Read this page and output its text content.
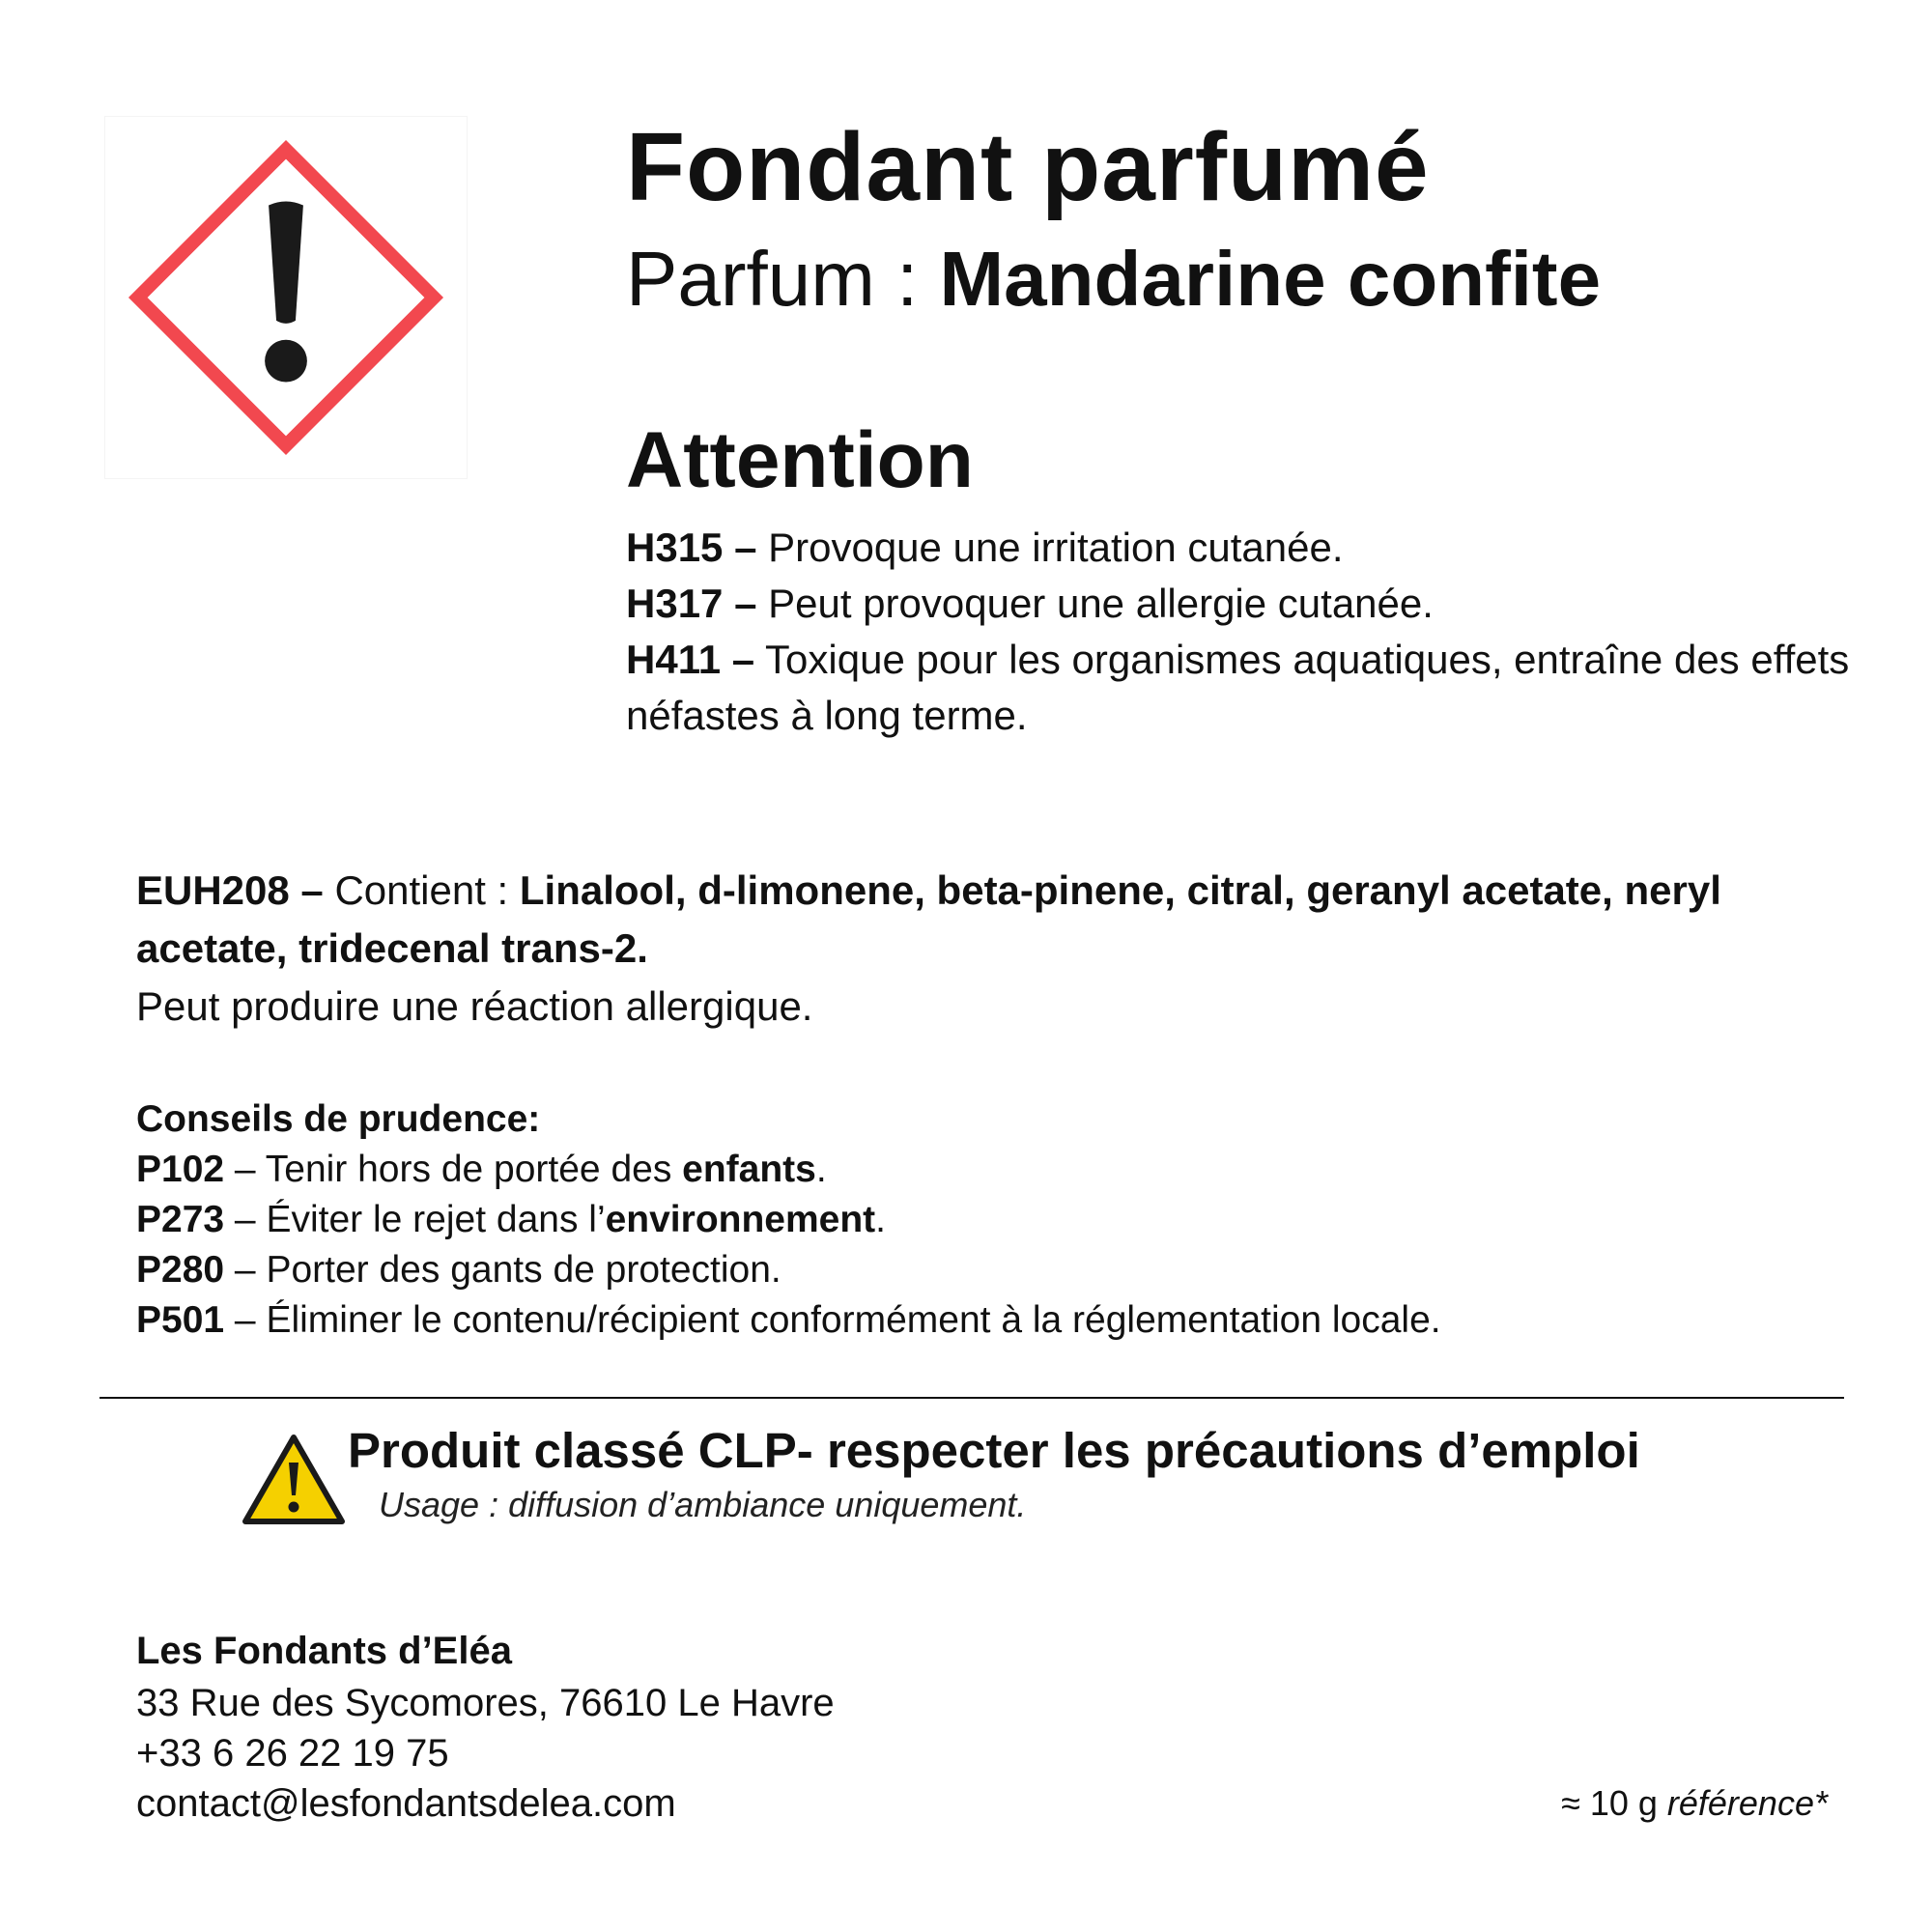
Fondant parfumé
Parfum : Mandarine confite
Attention
H315 – Provoque une irritation cutanée.
H317 – Peut provoquer une allergie cutanée.
H411 – Toxique pour les organismes aquatiques, entraîne des effets néfastes à long terme.
EUH208 – Contient : Linalool, d-limonene, beta-pinene, citral, geranyl acetate, neryl acetate, tridecenal trans-2.
Peut produire une réaction allergique.
Conseils de prudence:
P102 – Tenir hors de portée des enfants.
P273 – Éviter le rejet dans l’environnement.
P280 – Porter des gants de protection.
P501 – Éliminer le contenu/récipient conformément à la réglementation locale.
Produit classé CLP- respecter les précautions d’emploi
Usage : diffusion d’ambiance uniquement.
Les Fondants d’Eléa
33 Rue des Sycomores, 76610 Le Havre
+33 6 26 22 19 75
contact@lesfondantsdelea.com	≈ 10 g référence*
